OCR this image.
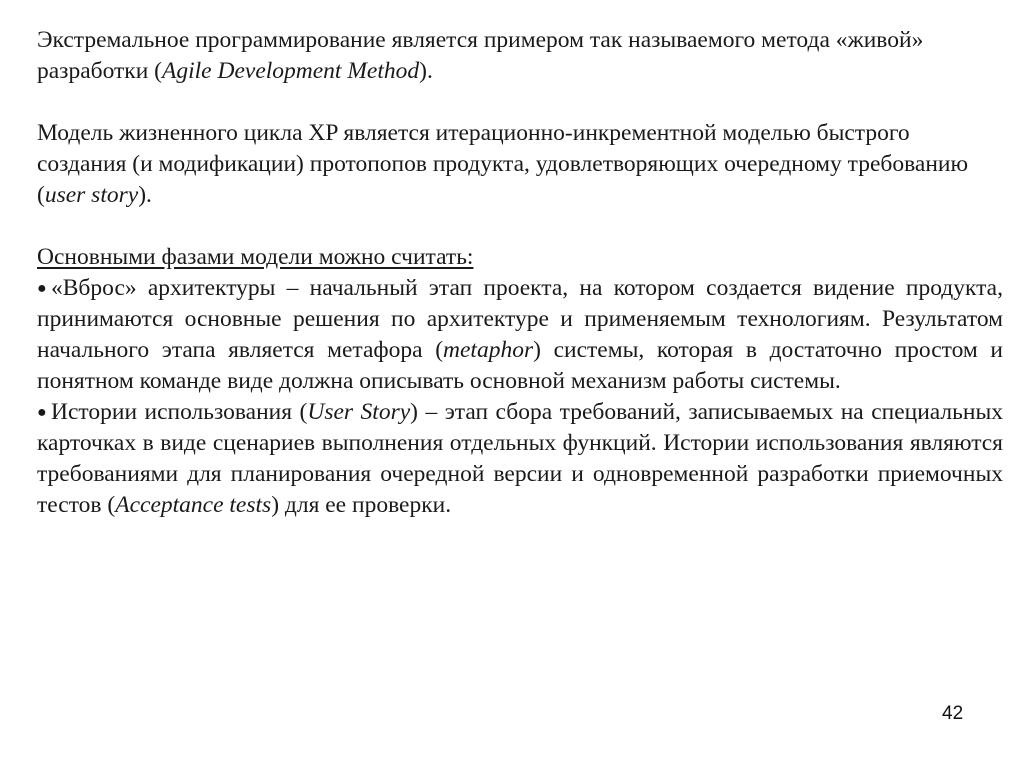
Экстремальное программирование является примером так называемого метода «живой» разработки (Agile Development Method).

Модель жизненного цикла XP является итерационно-инкрементной моделью быстрого создания (и модификации) протопопов продукта, удовлетворяющих очередному требованию (user story).

Основными фазами модели можно считать:

● «Вброс» архитектуры – начальный этап проекта, на котором создается видение продукта, принимаются основные решения по архитектуре и применяемым технологиям. Результатом начального этапа является метафора (metaphor) системы, которая в достаточно простом и понятном команде виде должна описывать основной механизм работы системы.

● Истории использования (User Story) – этап сбора требований, записываемых на специальных карточках в виде сценариев выполнения отдельных функций. Истории использования являются требованиями для планирования очередной версии и одновременной разработки приемочных тестов (Acceptance tests) для ее проверки.

42
